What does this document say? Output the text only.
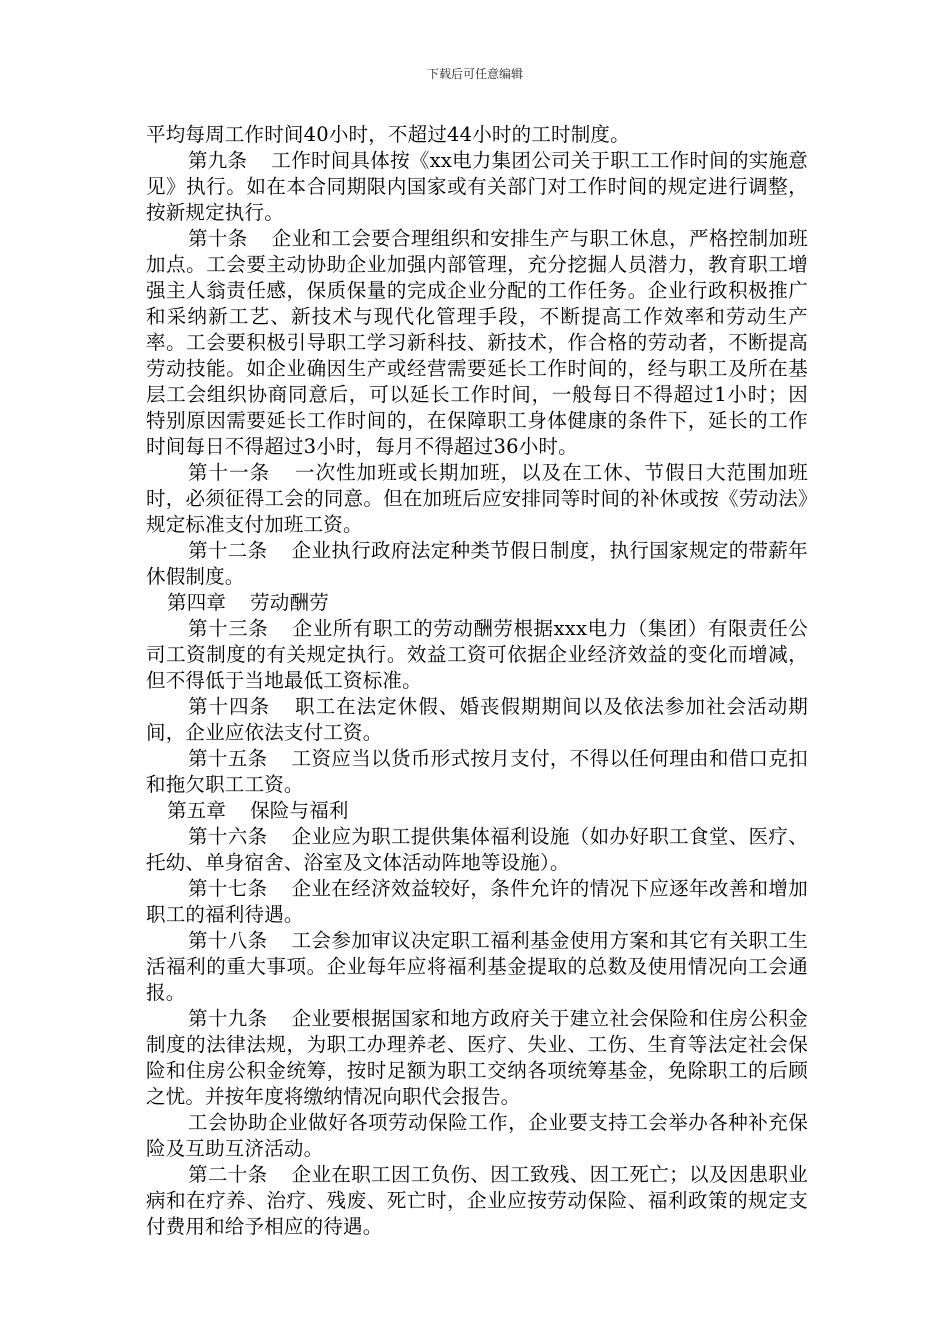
下载后可任意编辑

平均每周工作时间40小时，不超过44小时的工时制度。

第九条 工作时间具体按《xx电力集团公司关于职工工作时间的实施意见》执行。如在本合同期限内国家或有关部门对工作时间的规定进行调整，按新规定执行。

第十条 企业和工会要合理组织和安排生产与职工休息，严格控制加班加点。工会要主动协助企业加强内部管理，充分挖掘人员潜力，教育职工增强主人翁责任感，保质保量的完成企业分配的工作任务。企业行政积极推广和采纳新工艺、新技术与现代化管理手段，不断提高工作效率和劳动生产率。工会要积极引导职工学习新科技、新技术，作合格的劳动者，不断提高劳动技能。如企业确因生产或经营需要延长工作时间的，经与职工及所在基层工会组织协商同意后，可以延长工作时间，一般每日不得超过1小时；因特别原因需要延长工作时间的，在保障职工身体健康的条件下，延长的工作时间每日不得超过3小时，每月不得超过36小时。

第十一条 一次性加班或长期加班，以及在工休、节假日大范围加班时，必须征得工会的同意。但在加班后应安排同等时间的补休或按《劳动法》规定标准支付加班工资。

第十二条 企业执行政府法定种类节假日制度，执行国家规定的带薪年休假制度。

第四章 劳动酬劳

第十三条 企业所有职工的劳动酬劳根据xxx电力（集团）有限责任公司工资制度的有关规定执行。效益工资可依据企业经济效益的变化而增减，但不得低于当地最低工资标准。

第十四条 职工在法定休假、婚丧假期期间以及依法参加社会活动期间，企业应依法支付工资。

第十五条 工资应当以货币形式按月支付，不得以任何理由和借口克扣和拖欠职工工资。

第五章 保险与福利

第十六条 企业应为职工提供集体福利设施（如办好职工食堂、医疗、托幼、单身宿舍、浴室及文体活动阵地等设施）。

第十七条 企业在经济效益较好，条件允许的情况下应逐年改善和增加职工的福利待遇。

第十八条 工会参加审议决定职工福利基金使用方案和其它有关职工生活福利的重大事项。企业每年应将福利基金提取的总数及使用情况向工会通报。

第十九条 企业要根据国家和地方政府关于建立社会保险和住房公积金制度的法律法规，为职工办理养老、医疗、失业、工伤、生育等法定社会保险和住房公积金统筹，按时足额为职工交纳各项统筹基金，免除职工的后顾之忧。并按年度将缴纳情况向职代会报告。

工会协助企业做好各项劳动保险工作，企业要支持工会举办各种补充保险及互助互济活动。

第二十条 企业在职工因工负伤、因工致残、因工死亡；以及因患职业病和在疗养、治疗、残废、死亡时，企业应按劳动保险、福利政策的规定支付费用和给予相应的待遇。
